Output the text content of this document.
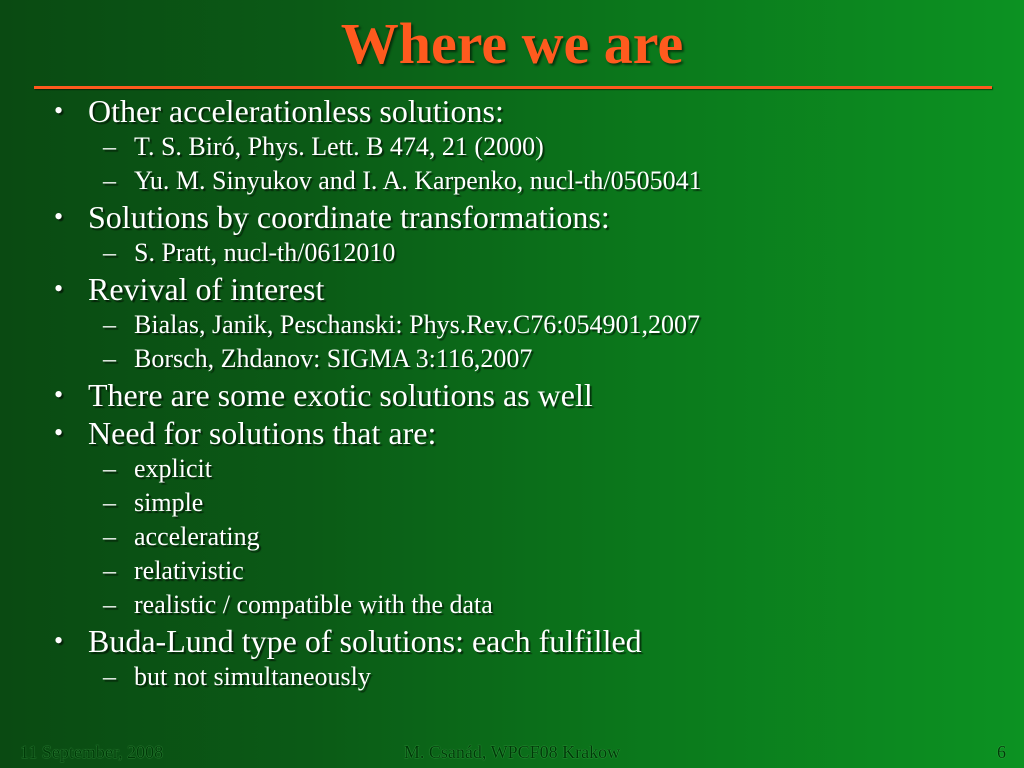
Where we are
• Other accelerationless solutions:
– T. S. Biró, Phys. Lett. B 474, 21 (2000)
– Yu. M. Sinyukov and I. A. Karpenko, nucl-th/0505041
• Solutions by coordinate transformations:
– S. Pratt, nucl-th/0612010
• Revival of interest
– Bialas, Janik, Peschanski: Phys.Rev.C76:054901,2007
– Borsch, Zhdanov: SIGMA 3:116,2007
• There are some exotic solutions as well
• Need for solutions that are:
– explicit
– simple
– accelerating
– relativistic
– realistic / compatible with the data
• Buda-Lund type of solutions: each fulfilled
– but not simultaneously
11 September, 2008	M. Csanád, WPCF08 Krakow	6
